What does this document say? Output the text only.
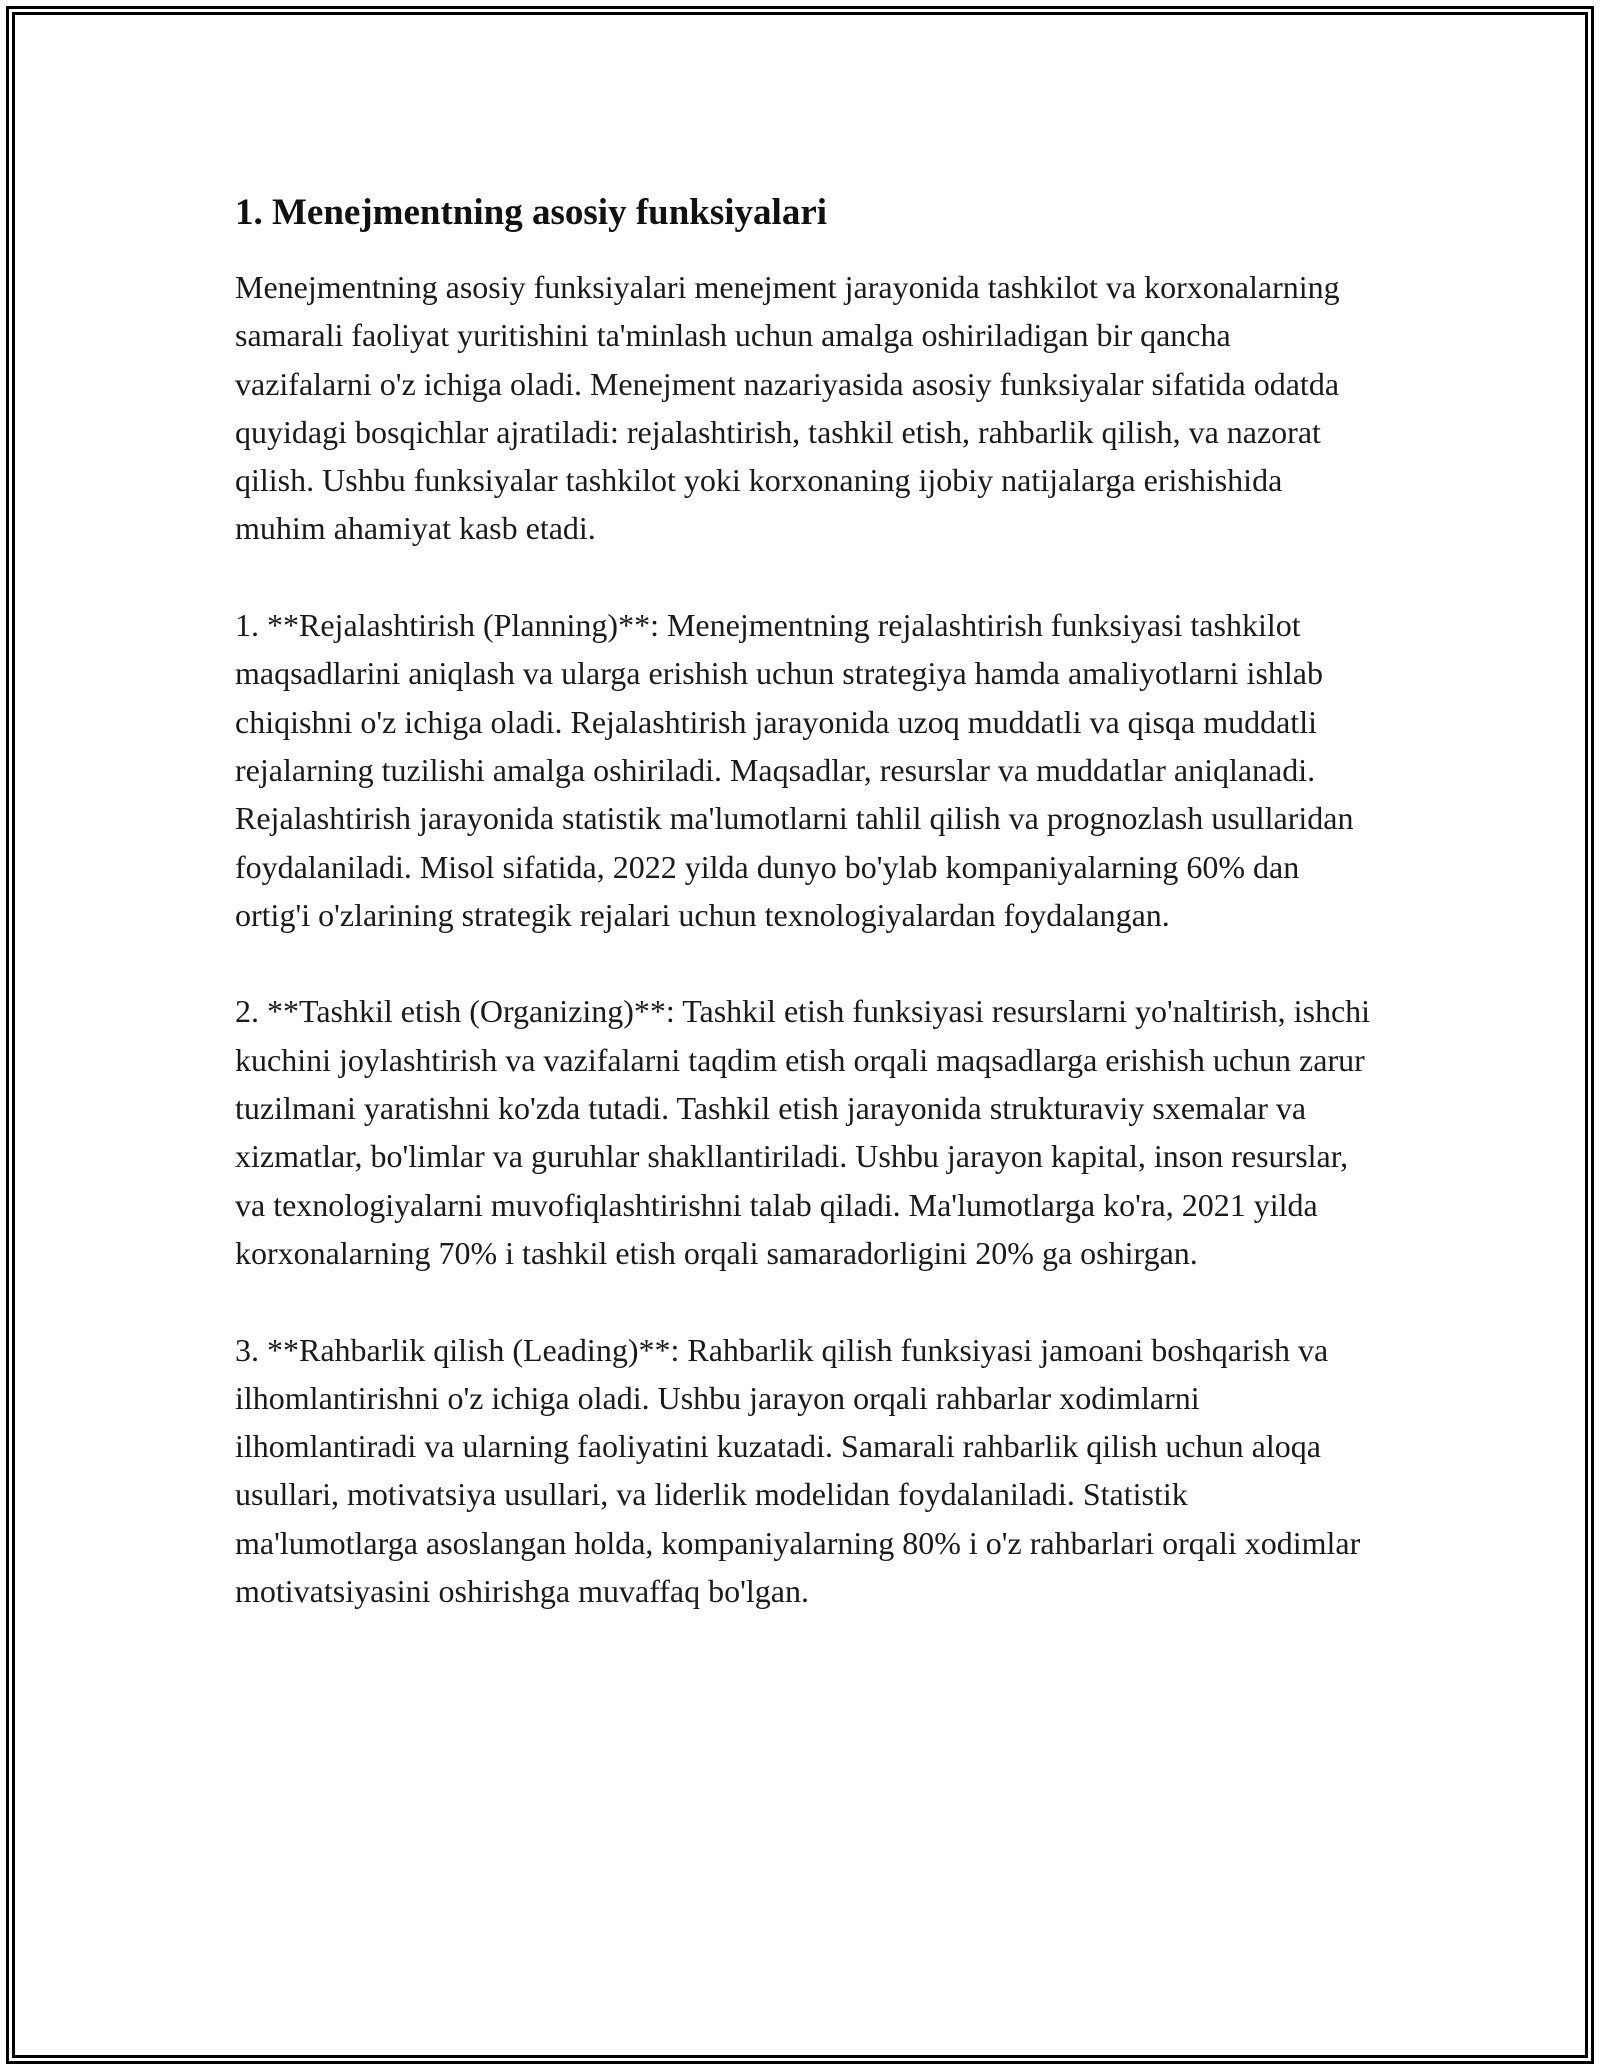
1. Menejmentning asosiy funksiyalari

Menejmentning asosiy funksiyalari menejment jarayonida tashkilot va korxonalarning samarali faoliyat yuritishini ta'minlash uchun amalga oshiriladigan bir qancha vazifalarni o'z ichiga oladi. Menejment nazariyasida asosiy funksiyalar sifatida odatda quyidagi bosqichlar ajratiladi: rejalashtirish, tashkil etish, rahbarlik qilish, va nazorat qilish. Ushbu funksiyalar tashkilot yoki korxonaning ijobiy natijalarga erishishida muhim ahamiyat kasb etadi.

1. **Rejalashtirish (Planning)**: Menejmentning rejalashtirish funksiyasi tashkilot maqsadlarini aniqlash va ularga erishish uchun strategiya hamda amaliyotlarni ishlab chiqishni o'z ichiga oladi. Rejalashtirish jarayonida uzoq muddatli va qisqa muddatli rejalarning tuzilishi amalga oshiriladi. Maqsadlar, resurslar va muddatlar aniqlanadi. Rejalashtirish jarayonida statistik ma'lumotlarni tahlil qilish va prognozlash usullaridan foydalaniladi. Misol sifatida, 2022 yilda dunyo bo'ylab kompaniyalarning 60% dan ortig'i o'zlarining strategik rejalari uchun texnologiyalardan foydalangan.

2. **Tashkil etish (Organizing)**: Tashkil etish funksiyasi resurslarni yo'naltirish, ishchi kuchini joylashtirish va vazifalarni taqdim etish orqali maqsadlarga erishish uchun zarur tuzilmani yaratishni ko'zda tutadi. Tashkil etish jarayonida strukturaviy sxemalar va xizmatlar, bo'limlar va guruhlar shakllantiriladi. Ushbu jarayon kapital, inson resurslar, va texnologiyalarni muvofiqlashtirishni talab qiladi. Ma'lumotlarga ko'ra, 2021 yilda korxonalarning 70% i tashkil etish orqali samaradorligini 20% ga oshirgan.

3. **Rahbarlik qilish (Leading)**: Rahbarlik qilish funksiyasi jamoani boshqarish va ilhomlantirishni o'z ichiga oladi. Ushbu jarayon orqali rahbarlar xodimlarni ilhomlantiradi va ularning faoliyatini kuzatadi. Samarali rahbarlik qilish uchun aloqa usullari, motivatsiya usullari, va liderlik modelidan foydalaniladi. Statistik ma'lumotlarga asoslangan holda, kompaniyalarning 80% i o'z rahbarlari orqali xodimlar motivatsiyasini oshirishga muvaffaq bo'lgan.
